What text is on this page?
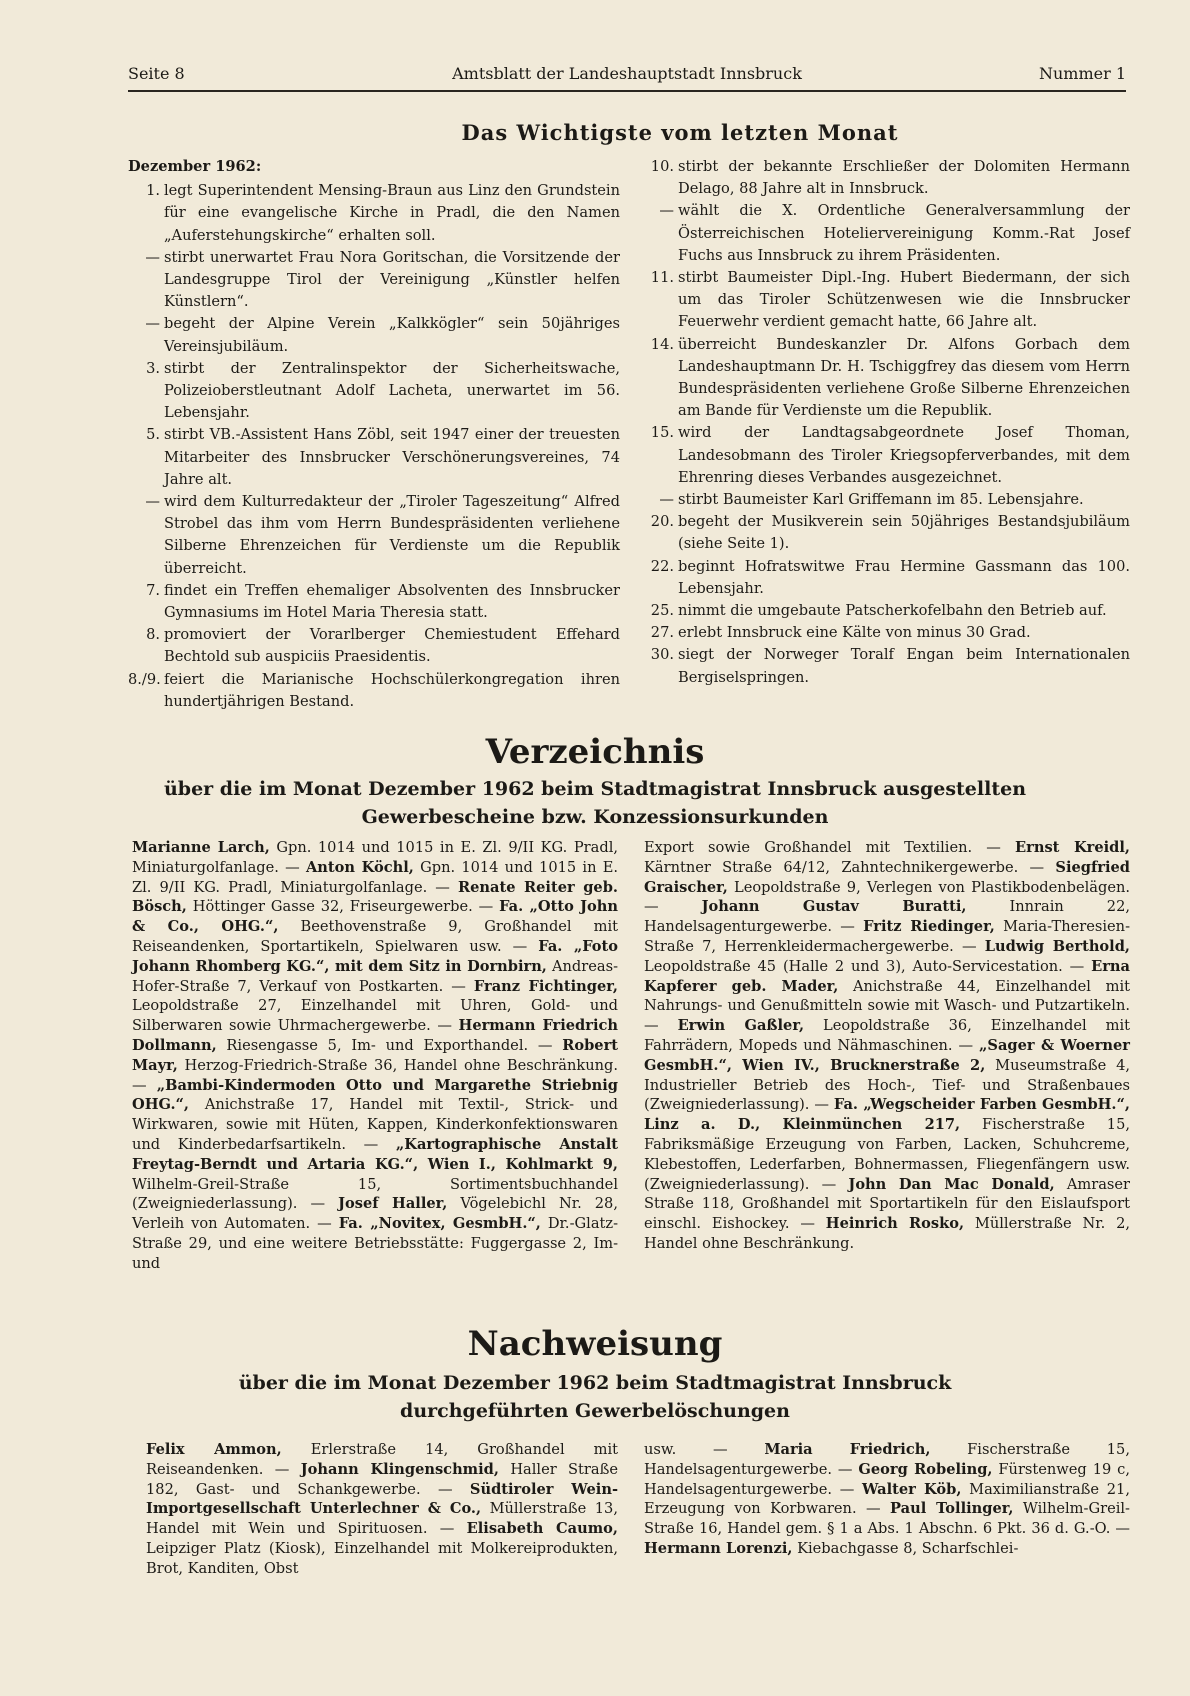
Seite 8	Amtsblatt der Landeshauptstadt Innsbruck	Nummer 1
Das Wichtigste vom letzten Monat
Dezember 1962:
1. legt Superintendent Mensing-Braun aus Linz den Grundstein für eine evangelische Kirche in Pradl, die den Namen „Auferstehungskirche“ erhalten soll.
— stirbt unerwartet Frau Nora Goritschan, die Vorsitzende der Landesgruppe Tirol der Vereinigung „Künstler helfen Künstlern“.
— begeht der Alpine Verein „Kalkkögler“ sein 50jähriges Vereinsjubiläum.
3. stirbt der Zentralinspektor der Sicherheitswache, Polizeioberstleutnant Adolf Lacheta, unerwartet im 56. Lebensjahr.
5. stirbt VB.-Assistent Hans Zöbl, seit 1947 einer der treuesten Mitarbeiter des Innsbrucker Verschönerungsvereines, 74 Jahre alt.
— wird dem Kulturredakteur der „Tiroler Tageszeitung“ Alfred Strobel das ihm vom Herrn Bundespräsidenten verliehene Silberne Ehrenzeichen für Verdienste um die Republik überreicht.
7. findet ein Treffen ehemaliger Absolventen des Innsbrucker Gymnasiums im Hotel Maria Theresia statt.
8. promoviert der Vorarlberger Chemiestudent Effehard Bechtold sub auspiciis Praesidentis.
8./9. feiert die Marianische Hochschülerkongregation ihren hundertjährigen Bestand.
10. stirbt der bekannte Erschließer der Dolomiten Hermann Delago, 88 Jahre alt in Innsbruck.
— wählt die X. Ordentliche Generalversammlung der Österreichischen Hoteliervereinigung Komm.-Rat Josef Fuchs aus Innsbruck zu ihrem Präsidenten.
11. stirbt Baumeister Dipl.-Ing. Hubert Biedermann, der sich um das Tiroler Schützenwesen wie die Innsbrucker Feuerwehr verdient gemacht hatte, 66 Jahre alt.
14. überreicht Bundeskanzler Dr. Alfons Gorbach dem Landeshauptmann Dr. H. Tschiggfrey das diesem vom Herrn Bundespräsidenten verliehene Große Silberne Ehrenzeichen am Bande für Verdienste um die Republik.
15. wird der Landtagsabgeordnete Josef Thoman, Landesobmann des Tiroler Kriegsopferverbandes, mit dem Ehrenring dieses Verbandes ausgezeichnet.
— stirbt Baumeister Karl Griffemann im 85. Lebensjahre.
20. begeht der Musikverein sein 50jähriges Bestandsjubiläum (siehe Seite 1).
22. beginnt Hofratswitwe Frau Hermine Gassmann das 100. Lebensjahr.
25. nimmt die umgebaute Patscherkofelbahn den Betrieb auf.
27. erlebt Innsbruck eine Kälte von minus 30 Grad.
30. siegt der Norweger Toralf Engan beim Internationalen Bergiselspringen.
Verzeichnis
über die im Monat Dezember 1962 beim Stadtmagistrat Innsbruck ausgestellten
Gewerbescheine bzw. Konzessionsurkunden
Marianne Larch, Gpn. 1014 und 1015 in E. Zl. 9/II KG. Pradl, Miniaturgolfanlage. — Anton Köchl, Gpn. 1014 und 1015 in E. Zl. 9/II KG. Pradl, Miniaturgolfanlage. — Renate Reiter geb. Bösch, Höttinger Gasse 32, Friseurgewerbe. — Fa. „Otto John & Co., OHG.“, Beethovenstraße 9, Großhandel mit Reiseandenken, Sportartikeln, Spielwaren usw. — Fa. „Foto Johann Rhomberg KG.“, mit dem Sitz in Dornbirn, Andreas-Hofer-Straße 7, Verkauf von Postkarten. — Franz Fichtinger, Leopoldstraße 27, Einzelhandel mit Uhren, Gold- und Silberwaren sowie Uhrmachergewerbe. — Hermann Friedrich Dollmann, Riesengasse 5, Im- und Exporthandel. — Robert Mayr, Herzog-Friedrich-Straße 36, Handel ohne Beschränkung. — „Bambi-Kindermoden Otto und Margarethe Striebnig OHG.“, Anichstraße 17, Handel mit Textil-, Strick- und Wirkwaren, sowie mit Hüten, Kappen, Kinderkonfektionswaren und Kinderbedarfsartikeln. — „Kartographische Anstalt Freytag-Berndt und Artaria KG.“, Wien I., Kohlmarkt 9, Wilhelm-Greil-Straße 15, Sortimentsbuchhandel (Zweigniederlassung). — Josef Haller, Vögelebichl Nr. 28, Verleih von Automaten. — Fa. „Novitex, GesmbH.“, Dr.-Glatz-Straße 29, und eine weitere Betriebsstätte: Fuggergasse 2, Im- und
Export sowie Großhandel mit Textilien. — Ernst Kreidl, Kärntner Straße 64/12, Zahntechnikergewerbe. — Siegfried Graischer, Leopoldstraße 9, Verlegen von Plastikbodenbelägen. — Johann Gustav Buratti, Innrain 22, Handelsagenturgewerbe. — Fritz Riedinger, Maria-Theresien-Straße 7, Herrenkleidermachergewerbe. — Ludwig Berthold, Leopoldstraße 45 (Halle 2 und 3), Auto-Servicestation. — Erna Kapferer geb. Mader, Anichstraße 44, Einzelhandel mit Nahrungs- und Genußmitteln sowie mit Wasch- und Putzartikeln. — Erwin Gaßler, Leopoldstraße 36, Einzelhandel mit Fahrrädern, Mopeds und Nähmaschinen. — „Sager & Woerner GesmbH.“, Wien IV., Brucknerstraße 2, Museumstraße 4, Industrieller Betrieb des Hoch-, Tief- und Straßenbaues (Zweigniederlassung). — Fa. „Wegscheider Farben GesmbH.“, Linz a. D., Kleinmünchen 217, Fischerstraße 15, Fabriksmäßige Erzeugung von Farben, Lacken, Schuhcreme, Klebestoffen, Lederfarben, Bohnermassen, Fliegenfängern usw. (Zweigniederlassung). — John Dan Mac Donald, Amraser Straße 118, Großhandel mit Sportartikeln für den Eislaufsport einschl. Eishockey. — Heinrich Rosko, Müllerstraße Nr. 2, Handel ohne Beschränkung.
Nachweisung
über die im Monat Dezember 1962 beim Stadtmagistrat Innsbruck
durchgeführten Gewerbelöschungen
Felix Ammon, Erlerstraße 14, Großhandel mit Reiseandenken. — Johann Klingenschmid, Haller Straße 182, Gast- und Schankgewerbe. — Südtiroler Wein-Importgesellschaft Unterlechner & Co., Müllerstraße 13, Handel mit Wein und Spirituosen. — Elisabeth Caumo, Leipziger Platz (Kiosk), Einzelhandel mit Molkereiprodukten, Brot, Kanditen, Obst
usw. — Maria Friedrich, Fischerstraße 15, Handelsagenturgewerbe. — Georg Robeling, Fürstenweg 19 c, Handelsagenturgewerbe. — Walter Köb, Maximilianstraße 21, Erzeugung von Korbwaren. — Paul Tollinger, Wilhelm-Greil-Straße 16, Handel gem. § 1 a Abs. 1 Abschn. 6 Pkt. 36 d. G.-O. — Hermann Lorenzi, Kiebachgasse 8, Scharfschlei-
